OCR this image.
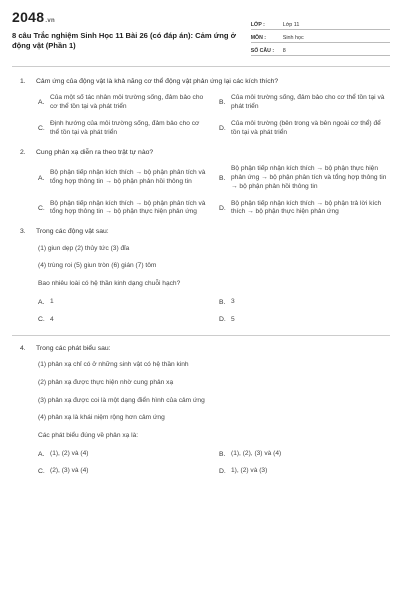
2048.vn
8 câu Trắc nghiệm Sinh Học 11 Bài 26 (có đáp án): Cảm ứng ở động vật (Phần 1)
LỚP :	Lớp 11
MÔN :	Sinh học
SỐ CÂU :	8
1.	Cảm ứng của động vật là khả năng cơ thể động vật phản ứng lại các kích thích?
A.
Của một số tác nhân môi trường sống, đảm bảo cho cơ thể tồn tại và phát triển
B.
Của môi trường sống, đảm bảo cho cơ thể tồn tại và phát triển
C.
Định hướng của môi trường sống, đảm bảo cho cơ thể tồn tại và phát triển
D.
Của môi trường (bên trong và bên ngoài cơ thể) để tồn tại và phát triển
2.	Cung phản xạ diễn ra theo trật tự nào?
A.
Bộ phận tiếp nhận kích thích → bộ phận phân tích và tổng hợp thông tin → bộ phận phản hồi thông tin
B.
Bộ phận tiếp nhận kích thích → bộ phận thực hiện phản ứng → bộ phận phân tích và tổng hợp thông tin → bộ phận phản hồi thông tin
C.
Bộ phận tiếp nhận kích thích → bộ phận phân tích và tổng hợp thông tin → bộ phận thực hiện phản ứng
D.
Bộ phận tiếp nhận kích thích → bộ phận trả lời kích thích → bộ phận thực hiện phản ứng
3.	Trong các động vật sau:
(1) giun dẹp (2) thủy tức (3) đỉa
(4) trùng roi (5) giun tròn (6) gián (7) tôm
Bao nhiêu loài có hệ thần kinh dạng chuỗi hạch?
A. 1	B. 3
C. 4	D. 5
4.	Trong các phát biểu sau:
(1) phản xạ chỉ có ở những sinh vật có hệ thần kinh
(2) phản xạ được thực hiện nhờ cung phản xạ
(3) phản xạ được coi là một dạng điển hình của cảm ứng
(4) phản xạ là khái niệm rộng hơn cảm ứng
Các phát biểu đúng về phản xạ là:
A. (1), (2) và (4)	B. (1), (2), (3) và (4)
C. (2), (3) và (4)	D. 1), (2) và (3)
